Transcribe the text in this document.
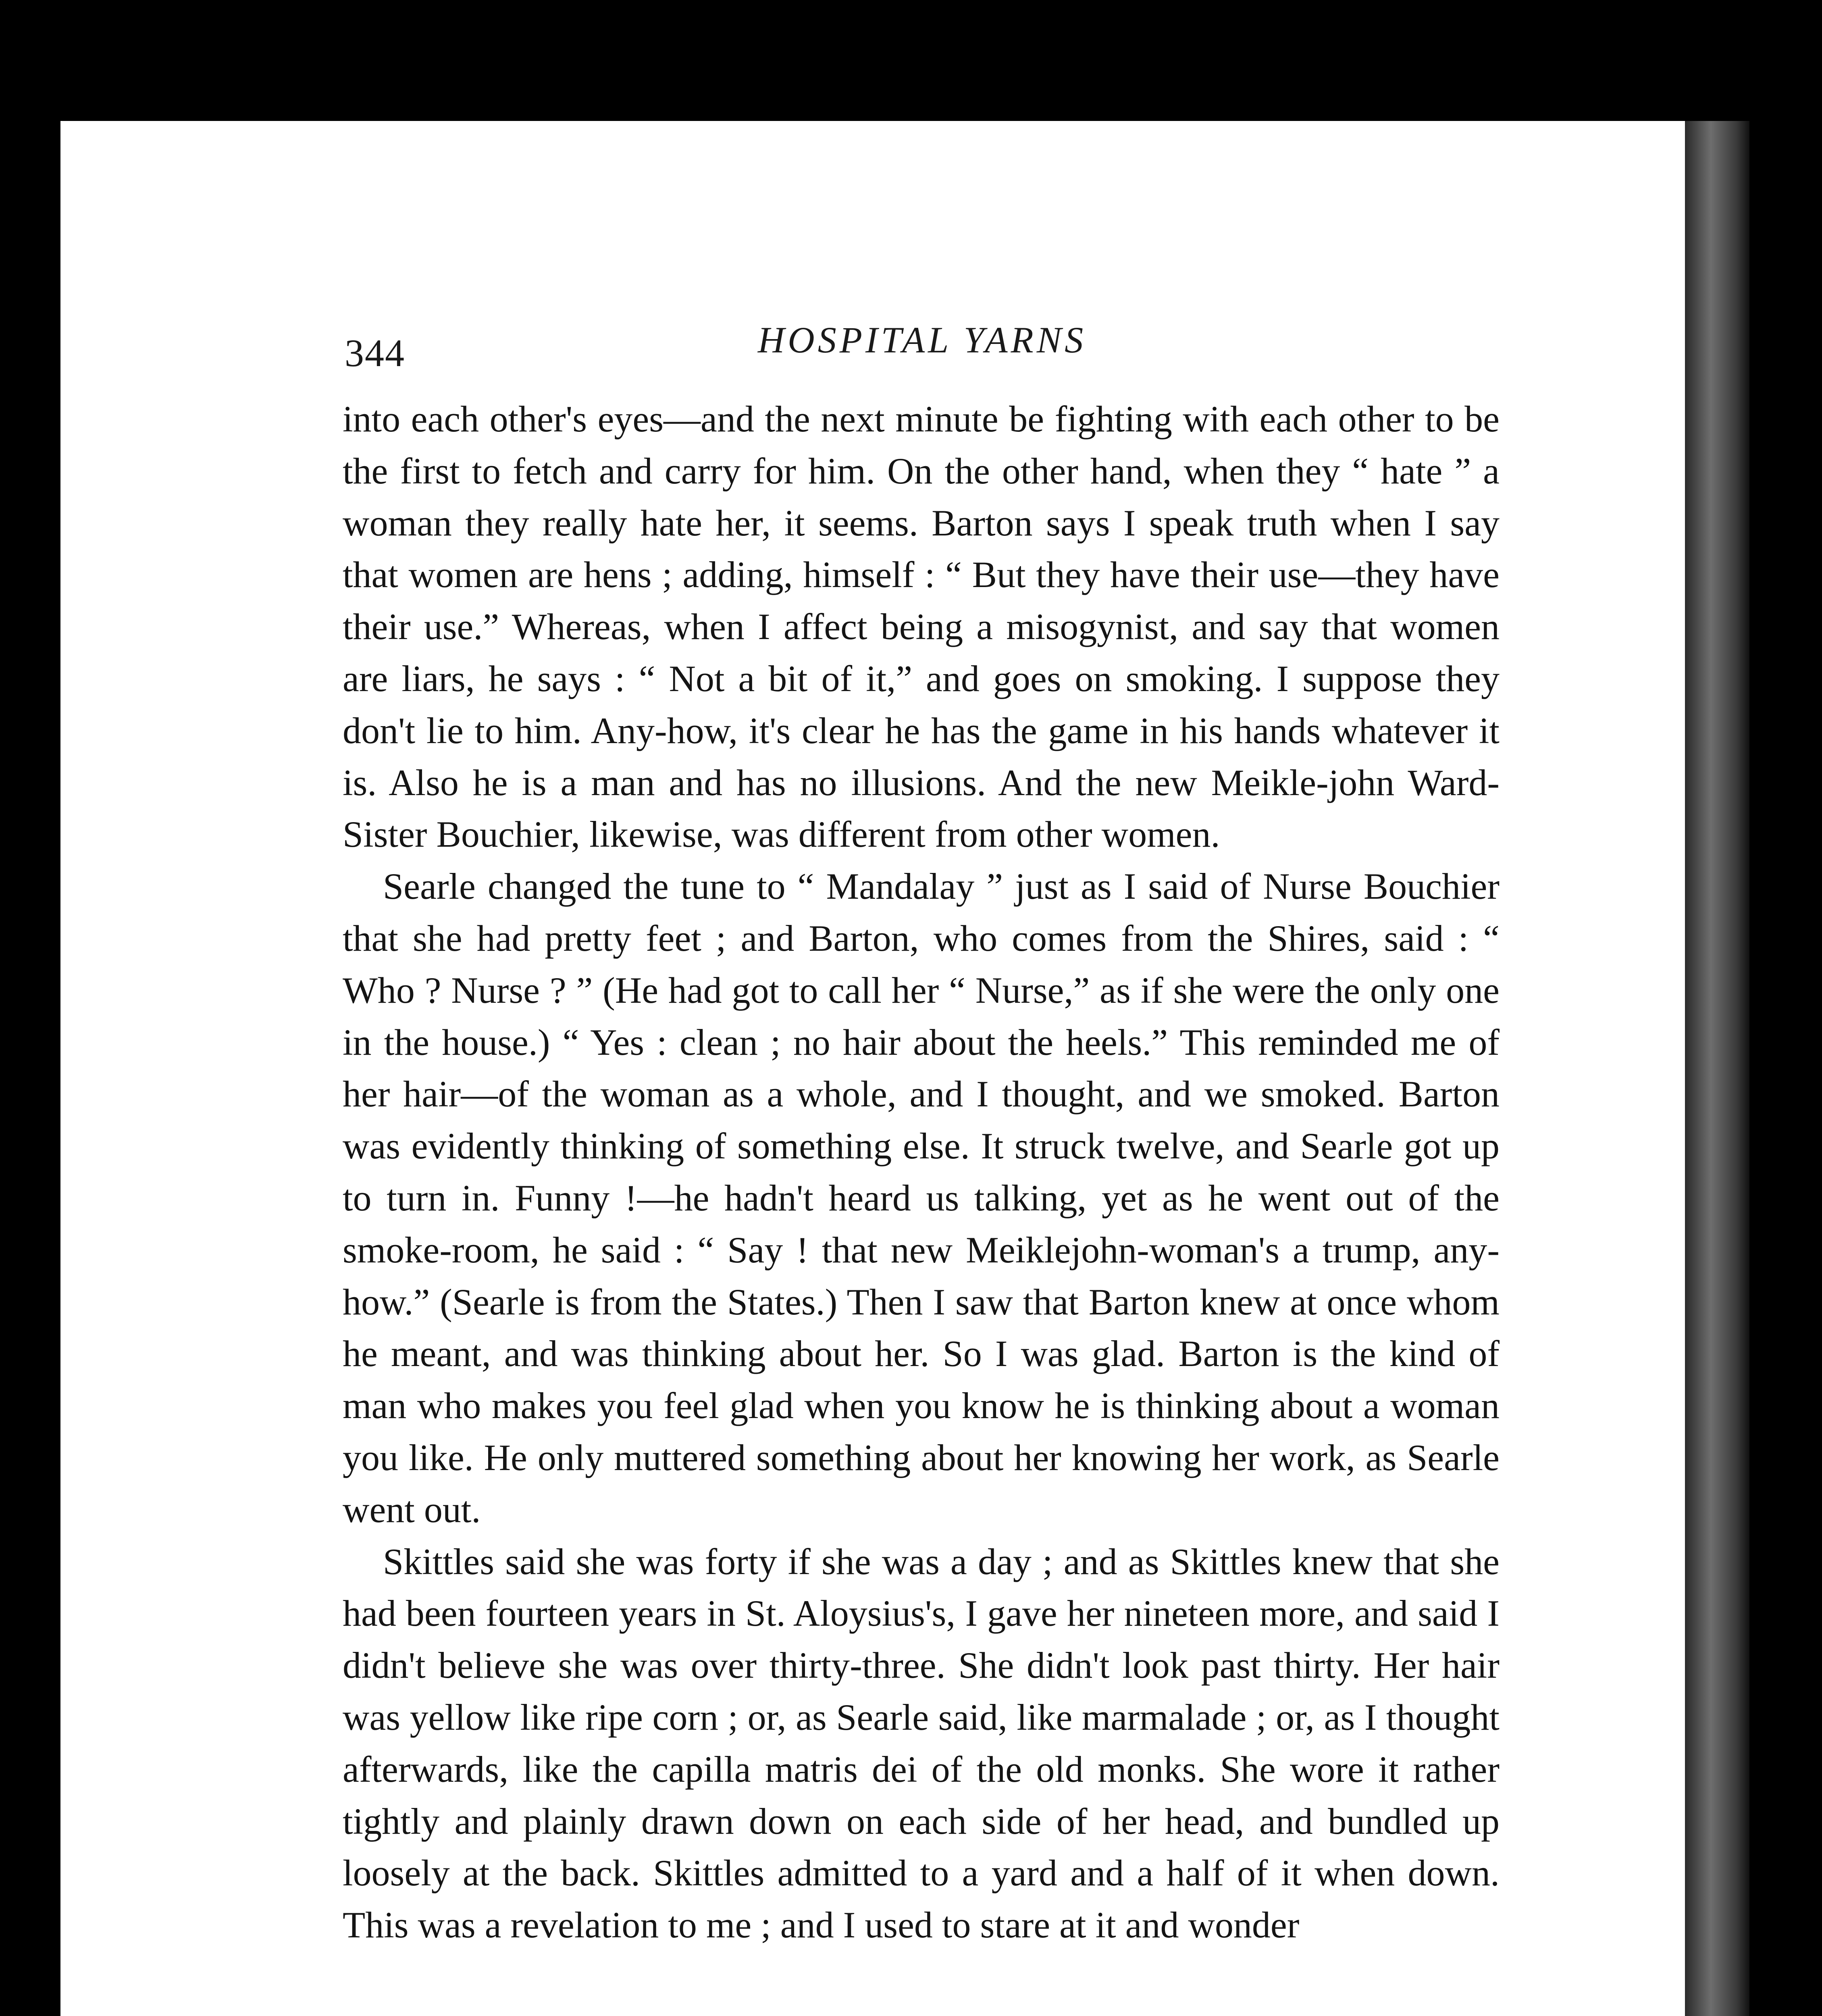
344	HOSPITAL YARNS

into each other's eyes—and the next minute be fighting with each other to be the first to fetch and carry for him. On the other hand, when they “ hate ” a woman they really hate her, it seems. Barton says I speak truth when I say that women are hens ; adding, himself : “ But they have their use—they have their use.” Whereas, when I affect being a misogynist, and say that women are liars, he says : “ Not a bit of it,” and goes on smoking. I suppose they don't lie to him. Any-how, it's clear he has the game in his hands whatever it is. Also he is a man and has no illusions. And the new Meikle-john Ward-Sister Bouchier, likewise, was different from other women.

Searle changed the tune to “ Mandalay ” just as I said of Nurse Bouchier that she had pretty feet ; and Barton, who comes from the Shires, said : “ Who ? Nurse ? ” (He had got to call her “ Nurse,” as if she were the only one in the house.) “ Yes : clean ; no hair about the heels.” This reminded me of her hair—of the woman as a whole, and I thought, and we smoked. Barton was evidently thinking of something else. It struck twelve, and Searle got up to turn in. Funny !—he hadn't heard us talking, yet as he went out of the smoke-room, he said : “ Say ! that new Meiklejohn-woman's a trump, any-how.” (Searle is from the States.) Then I saw that Barton knew at once whom he meant, and was thinking about her. So I was glad. Barton is the kind of man who makes you feel glad when you know he is thinking about a woman you like. He only muttered something about her knowing her work, as Searle went out.

Skittles said she was forty if she was a day ; and as Skittles knew that she had been fourteen years in St. Aloysius's, I gave her nineteen more, and said I didn't believe she was over thirty-three. She didn't look past thirty. Her hair was yellow like ripe corn ; or, as Searle said, like marmalade ; or, as I thought afterwards, like the capilla matris dei of the old monks. She wore it rather tightly and plainly drawn down on each side of her head, and bundled up loosely at the back. Skittles admitted to a yard and a half of it when down. This was a revelation to me ; and I used to stare at it and wonder
